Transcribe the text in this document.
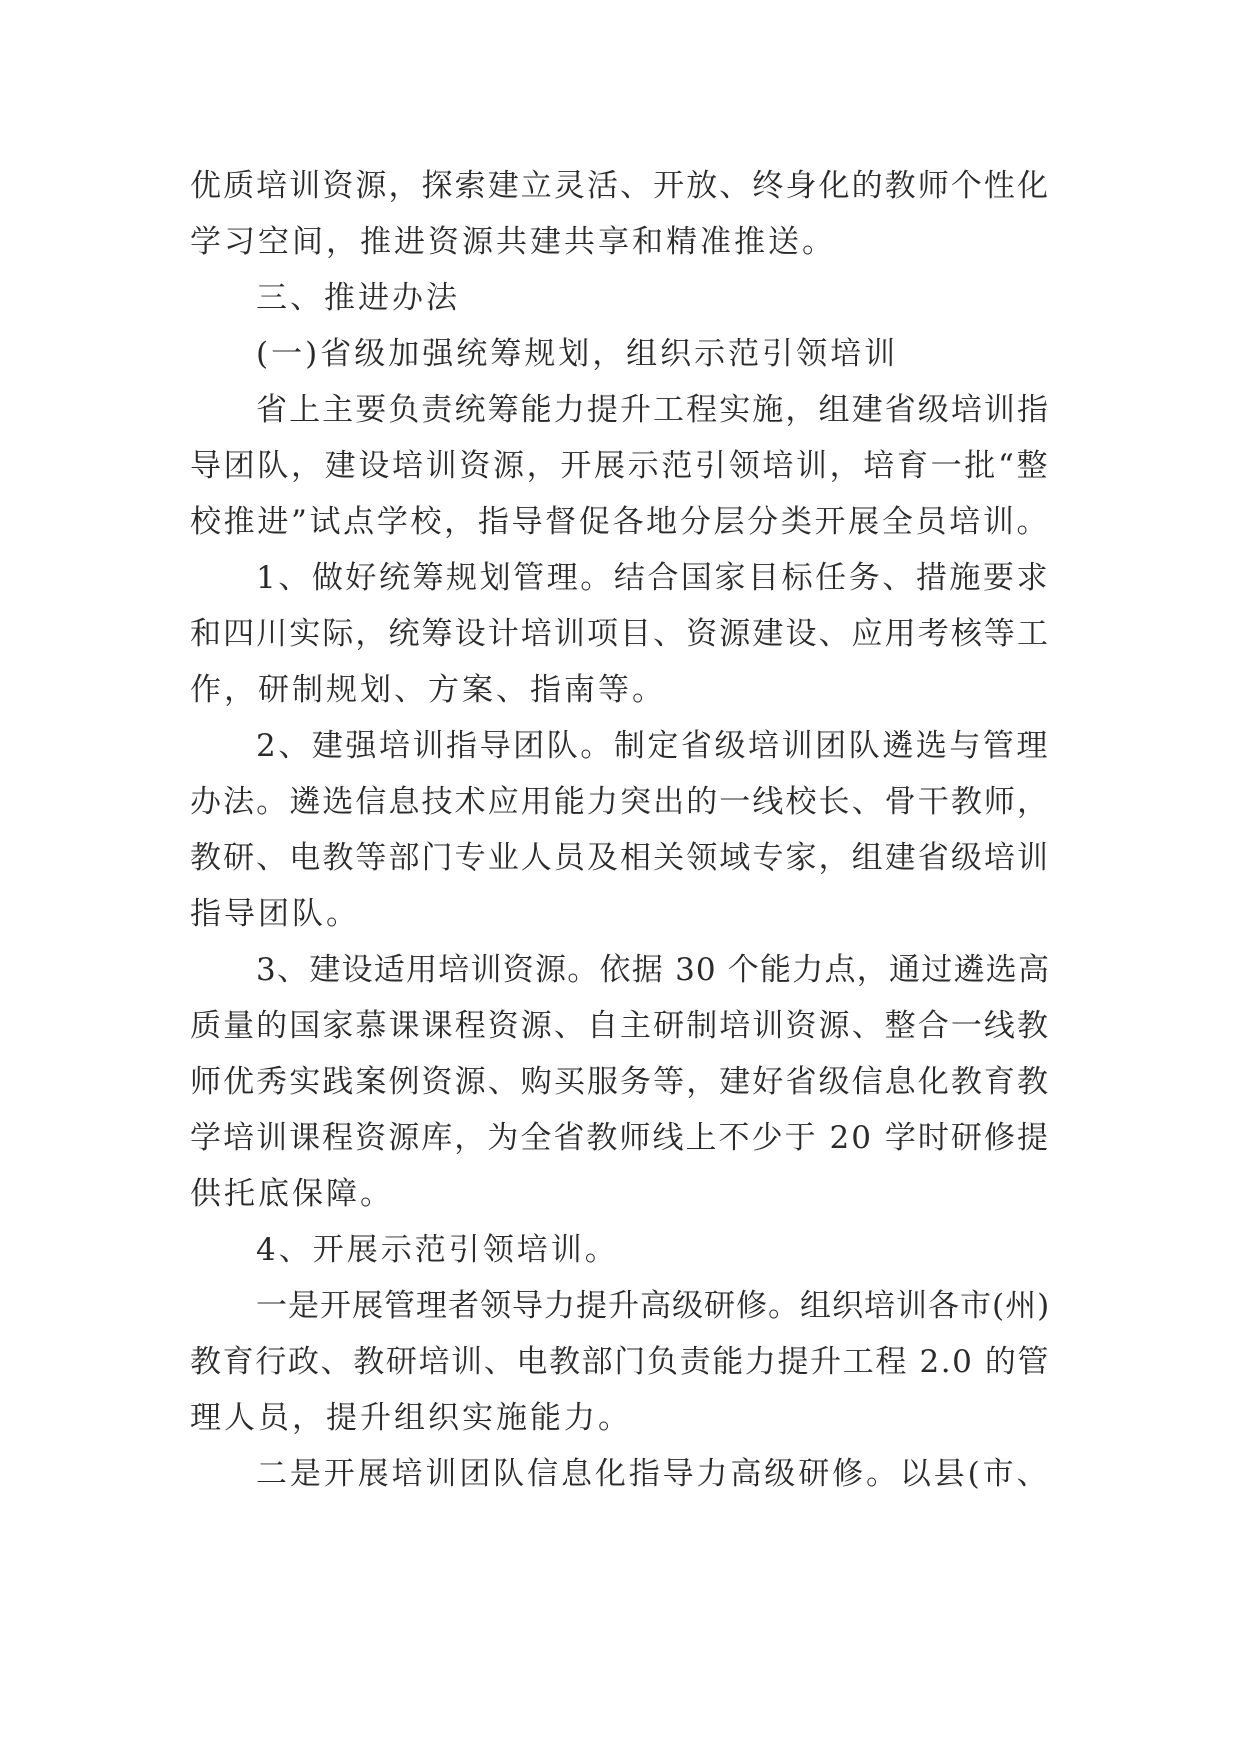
优质培训资源，探索建立灵活、开放、终身化的教师个性化
学习空间，推进资源共建共享和精准推送。
三、推进办法
(一)省级加强统筹规划，组织示范引领培训
省上主要负责统筹能力提升工程实施，组建省级培训指
导团队，建设培训资源，开展示范引领培训，培育一批“整
校推进”试点学校，指导督促各地分层分类开展全员培训。
1、做好统筹规划管理。结合国家目标任务、措施要求
和四川实际，统筹设计培训项目、资源建设、应用考核等工
作，研制规划、方案、指南等。
2、建强培训指导团队。制定省级培训团队遴选与管理
办法。遴选信息技术应用能力突出的一线校长、骨干教师，
教研、电教等部门专业人员及相关领域专家，组建省级培训
指导团队。
3、建设适用培训资源。依据 30 个能力点，通过遴选高
质量的国家慕课课程资源、自主研制培训资源、整合一线教
师优秀实践案例资源、购买服务等，建好省级信息化教育教
学培训课程资源库，为全省教师线上不少于 20 学时研修提
供托底保障。
4、开展示范引领培训。
一是开展管理者领导力提升高级研修。组织培训各市(州)
教育行政、教研培训、电教部门负责能力提升工程 2.0 的管
理人员，提升组织实施能力。
二是开展培训团队信息化指导力高级研修。以县(市、
